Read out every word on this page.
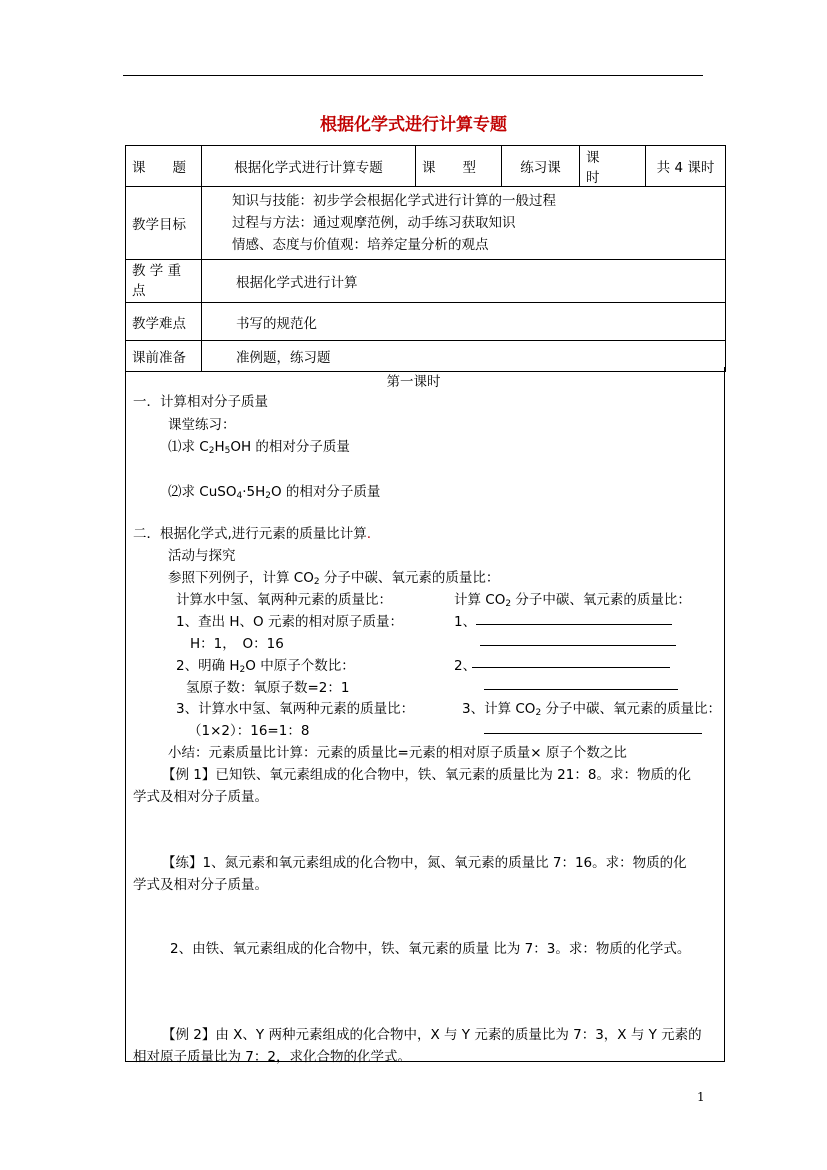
根据化学式进行计算专题
课　　题	根据化学式进行计算专题	课　　型	练习课	课　　时	共 4 课时
教学目标	知识与技能：初步学会根据化学式进行计算的一般过程
过程与方法：通过观摩范例，动手练习获取知识
情感、态度与价值观：培养定量分析的观点				

教 学 重 点	根据化学式进行计算				
教学难点	书写的规范化				
课前准备	准例题，练习题				
第一课时
一．计算相对分子质量
课堂练习：
⑴求 $C_2H_5OH$ 的相对分子质量
⑵求 $CuSO_4\cdot 5H_2O$ 的相对分子质量
二．根据化学式,进行元素的质量比计算.
活动与探究
参照下列例子，计算 $CO_2$ 分子中碳、氧元素的质量比：
计算水中氢、氧两种元素的质量比：	计算 $CO_2$ 分子中碳、氧元素的质量比：
1、查出 H、O 元素的相对原子质量：	1、
H：1，　O：16
2、明确 $H_2O$ 中原子个数比：	2、
氢原子数：氧原子数=2：1
3、计算水中氢、氧两种元素的质量比：	3、计算 $CO_2$ 分子中碳、氧元素的质量比：
（1×2）：16=1：8
小结：元素质量比计算：元素的质量比=元素的相对原子质量× 原子个数之比
【例 1】已知铁、氧元素组成的化合物中，铁、氧元素的质量比为 21：8。求：物质的化
学式及相对分子质量。
【练】1、氮元素和氧元素组成的化合物中，氮、氧元素的质量比 7：16。求：物质的化
学式及相对分子质量。
2、由铁、氧元素组成的化合物中，铁、氧元素的质量 比为 7：3。求：物质的化学式。
【例 2】由 X、Y 两种元素组成的化合物中，X 与 Y 元素的质量比为 7：3，X 与 Y 元素的
相对原子质量比为 7：2，求化合物的化学式。
1
